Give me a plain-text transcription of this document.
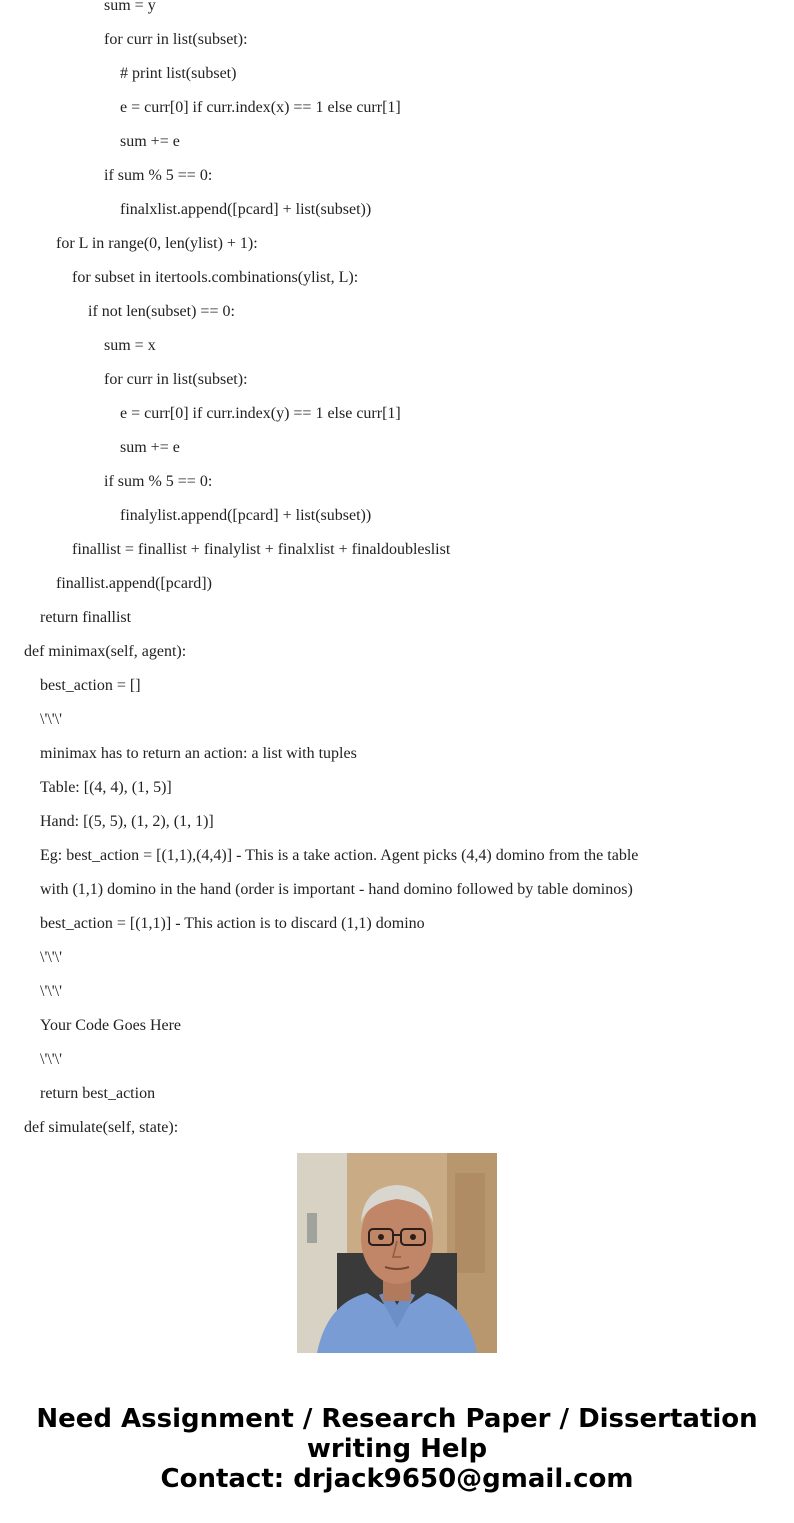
sum = y
for curr in list(subset):
# print list(subset)
e = curr[0] if curr.index(x) == 1 else curr[1]
sum += e
if sum % 5 == 0:
finalxlist.append([pcard] + list(subset))
for L in range(0, len(ylist) + 1):
for subset in itertools.combinations(ylist, L):
if not len(subset) == 0:
sum = x
for curr in list(subset):
e = curr[0] if curr.index(y) == 1 else curr[1]
sum += e
if sum % 5 == 0:
finalylist.append([pcard] + list(subset))
finallist = finallist + finalylist + finalxlist + finaldoubleslist
finallist.append([pcard])
return finallist
def minimax(self, agent):
best_action = []
\'\'\'
minimax has to return an action: a list with tuples
Table: [(4, 4), (1, 5)]
Hand: [(5, 5), (1, 2), (1, 1)]
Eg: best_action = [(1,1),(4,4)] - This is a take action. Agent picks (4,4) domino from the table
with (1,1) domino in the hand (order is important - hand domino followed by table dominos)
best_action = [(1,1)] - This action is to discard (1,1) domino
\'\'\'
\'\'\'
Your Code Goes Here
\'\'\'
return best_action
def simulate(self, state):
Need Assignment / Research Paper / Dissertation
writing Help
Contact: drjack9650@gmail.com
